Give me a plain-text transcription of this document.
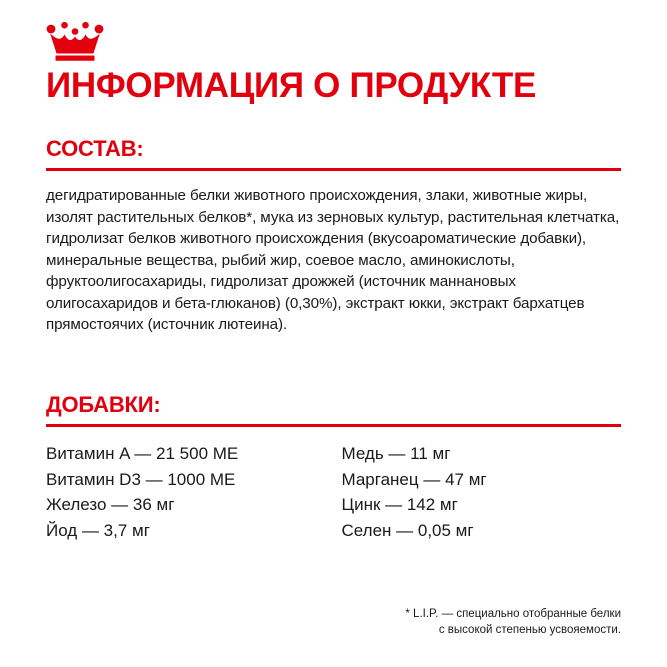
ИНФОРМАЦИЯ О ПРОДУКТЕ
СОСТАВ:
дегидратированные белки животного происхождения, злаки, животные жиры, изолят растительных белков*, мука из зерновых культур, растительная клетчатка, гидролизат белков животного происхождения (вкусоароматические добавки), минеральные вещества, рыбий жир, соевое масло, аминокислоты, фруктоолигосахариды, гидролизат дрожжей (источник маннановых олигосахаридов и бета-глюканов) (0,30%), экстракт юкки, экстракт бархатцев прямостоячих (источник лютеина).
ДОБАВКИ:
Витамин A — 21 500 МЕ
Витамин D3 — 1000 МЕ
Железо — 36 мг
Йод — 3,7 мг
Медь — 11 мг
Марганец — 47 мг
Цинк — 142 мг
Селен — 0,05 мг
* L.I.P. — специально отобранные белки
с высокой степенью усвояемости.
